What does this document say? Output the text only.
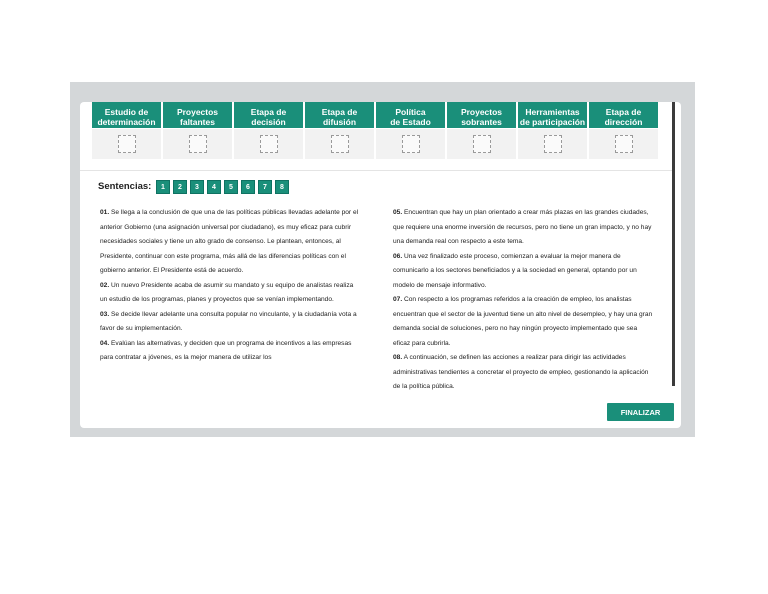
Estudio de
determinación
Proyectos
faltantes
Etapa de
decisión
Etapa de
difusión
Política
de Estado
Proyectos
sobrantes
Herramientas
de participación
Etapa de
dirección
Sentencias:	1	2	3	4	5	6	7	8

01. Se llega a la conclusión de que una de las políticas públicas llevadas adelante por el anterior Gobierno (una asignación universal por ciudadano), es muy eficaz para cubrir necesidades sociales y tiene un alto grado de consenso. Le plantean, entonces, al Presidente, continuar con este programa, más allá de las diferencias políticas con el gobierno anterior. El Presidente está de acuerdo.

02. Un nuevo Presidente acaba de asumir su mandato y su equipo de analistas realiza un estudio de los programas, planes y proyectos que se venían implementando.

03. Se decide llevar adelante una consulta popular no vinculante, y la ciudadanía vota a favor de su implementación.

04. Evalúan las alternativas, y deciden que un programa de incentivos a las empresas para contratar a jóvenes, es la mejor manera de utilizar los

05. Encuentran que hay un plan orientado a crear más plazas en las grandes ciudades, que requiere una enorme inversión de recursos, pero no tiene un gran impacto, y no hay una demanda real con respecto a este tema.

06. Una vez finalizado este proceso, comienzan a evaluar la mejor manera de comunicarlo a los sectores beneficiados y a la sociedad en general, optando por un modelo de mensaje informativo.

07. Con respecto a los programas referidos a la creación de empleo, los analistas encuentran que el sector de la juventud tiene un alto nivel de desempleo, y hay una gran demanda social de soluciones, pero no hay ningún proyecto implementado que sea eficaz para cubrirla.

08. A continuación, se definen las acciones a realizar para dirigir las actividades administrativas tendientes a concretar el proyecto de empleo, gestionando la aplicación de la política pública.

FINALIZAR
